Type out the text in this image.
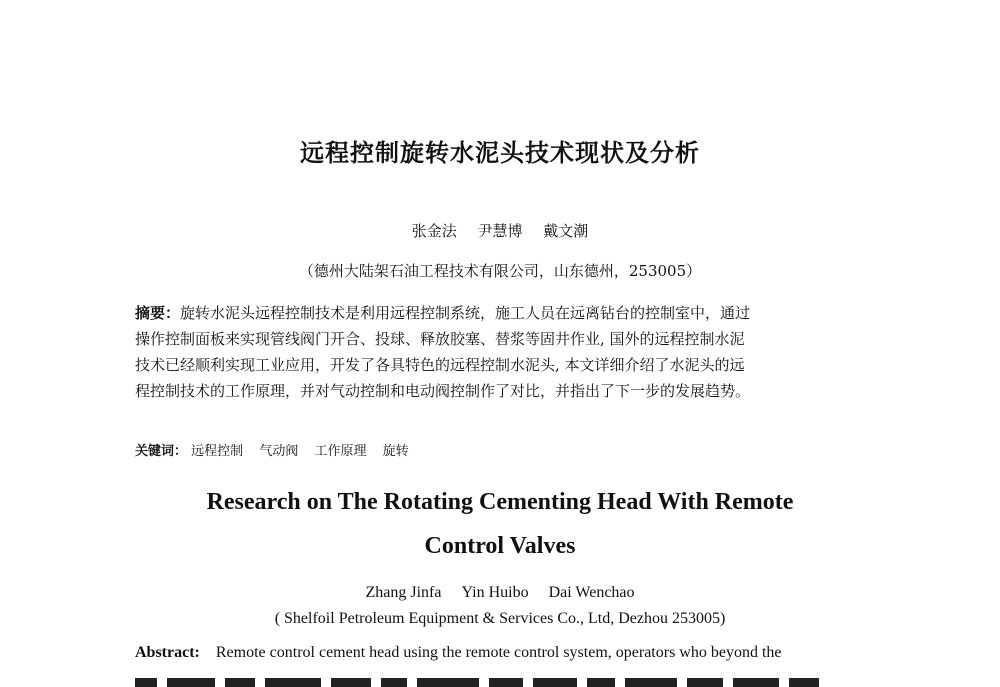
远程控制旋转水泥头技术现状及分析
张金法 尹慧博 戴文潮
（德州大陆架石油工程技术有限公司，山东德州，253005）
摘要：旋转水泥头远程控制技术是利用远程控制系统，施工人员在远离钻台的控制室中，通过
操作控制面板来实现管线阀门开合、投球、释放胶塞、替浆等固井作业, 国外的远程控制水泥
技术已经顺利实现工业应用，开发了各具特色的远程控制水泥头, 本文详细介绍了水泥头的远
程控制技术的工作原理，并对气动控制和电动阀控制作了对比，并指出了下一步的发展趋势。
关键词： 远程控制 气动阀 工作原理 旋转
Research on The Rotating Cementing Head With Remote
Control Valves
Zhang Jinfa Yin Huibo Dai Wenchao
( Shelfoil Petroleum Equipment & Services Co., Ltd, Dezhou 253005)
Abstract: Remote control cement head using the remote control system, operators who beyond the
